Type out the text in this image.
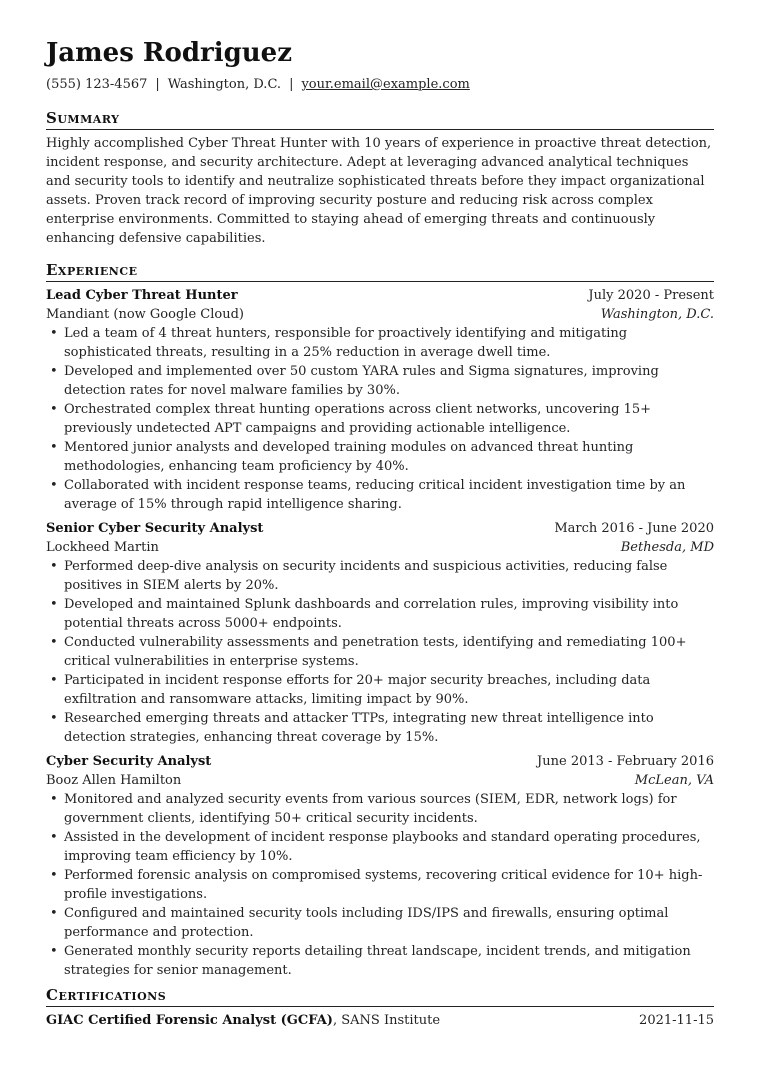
James Rodriguez
(555) 123-4567 | Washington, D.C. | your.email@example.com
Summary
Highly accomplished Cyber Threat Hunter with 10 years of experience in proactive threat detection, incident response, and security architecture. Adept at leveraging advanced analytical techniques and security tools to identify and neutralize sophisticated threats before they impact organizational assets. Proven track record of improving security posture and reducing risk across complex enterprise environments. Committed to staying ahead of emerging threats and continuously enhancing defensive capabilities.
Experience
Lead Cyber Threat Hunter	July 2020 - Present
Mandiant (now Google Cloud)	Washington, D.C.
• Led a team of 4 threat hunters, responsible for proactively identifying and mitigating sophisticated threats, resulting in a 25% reduction in average dwell time.
• Developed and implemented over 50 custom YARA rules and Sigma signatures, improving detection rates for novel malware families by 30%.
• Orchestrated complex threat hunting operations across client networks, uncovering 15+ previously undetected APT campaigns and providing actionable intelligence.
• Mentored junior analysts and developed training modules on advanced threat hunting methodologies, enhancing team proficiency by 40%.
• Collaborated with incident response teams, reducing critical incident investigation time by an average of 15% through rapid intelligence sharing.
Senior Cyber Security Analyst	March 2016 - June 2020
Lockheed Martin	Bethesda, MD
• Performed deep-dive analysis on security incidents and suspicious activities, reducing false positives in SIEM alerts by 20%.
• Developed and maintained Splunk dashboards and correlation rules, improving visibility into potential threats across 5000+ endpoints.
• Conducted vulnerability assessments and penetration tests, identifying and remediating 100+ critical vulnerabilities in enterprise systems.
• Participated in incident response efforts for 20+ major security breaches, including data exfiltration and ransomware attacks, limiting impact by 90%.
• Researched emerging threats and attacker TTPs, integrating new threat intelligence into detection strategies, enhancing threat coverage by 15%.
Cyber Security Analyst	June 2013 - February 2016
Booz Allen Hamilton	McLean, VA
• Monitored and analyzed security events from various sources (SIEM, EDR, network logs) for government clients, identifying 50+ critical security incidents.
• Assisted in the development of incident response playbooks and standard operating procedures, improving team efficiency by 10%.
• Performed forensic analysis on compromised systems, recovering critical evidence for 10+ high-profile investigations.
• Configured and maintained security tools including IDS/IPS and firewalls, ensuring optimal performance and protection.
• Generated monthly security reports detailing threat landscape, incident trends, and mitigation strategies for senior management.
Certifications
GIAC Certified Forensic Analyst (GCFA), SANS Institute	2021-11-15
